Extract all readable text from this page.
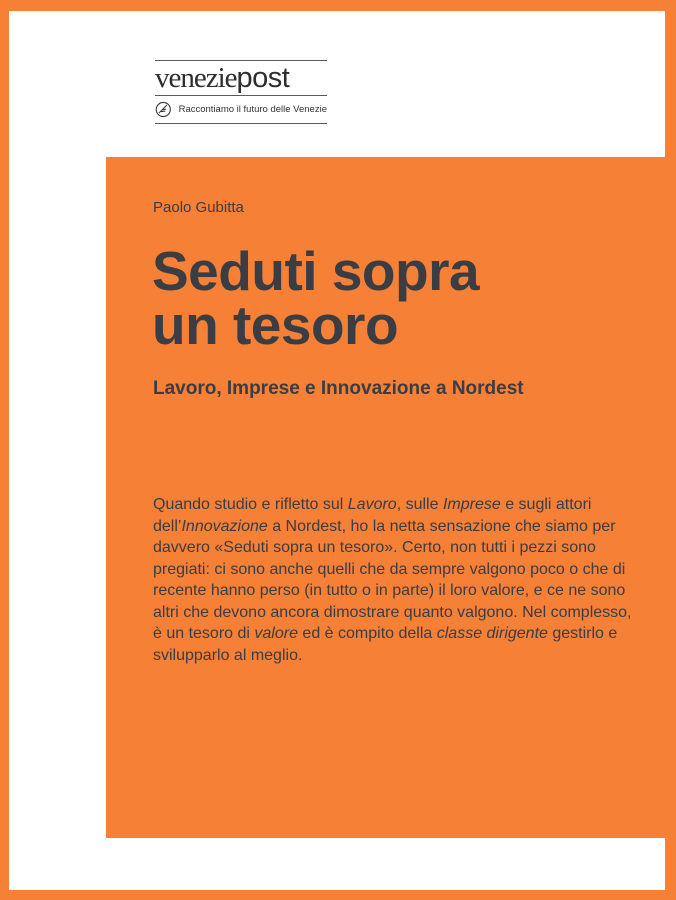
veneziepost
Raccontiamo il futuro delle Venezie
Paolo Gubitta
Seduti sopra
un tesoro
Lavoro, Imprese e Innovazione a Nordest

Quando studio e rifletto sul Lavoro, sulle Imprese e sugli attori dell’Innovazione a Nordest, ho la netta sensazione che siamo per davvero «Seduti sopra un tesoro». Certo, non tutti i pezzi sono pregiati: ci sono anche quelli che da sempre valgono poco o che di recente hanno perso (in tutto o in parte) il loro valore, e ce ne sono altri che devono ancora dimostrare quanto valgono. Nel complesso, è un tesoro di valore ed è compito della classe dirigente gestirlo e svilupparlo al meglio.
